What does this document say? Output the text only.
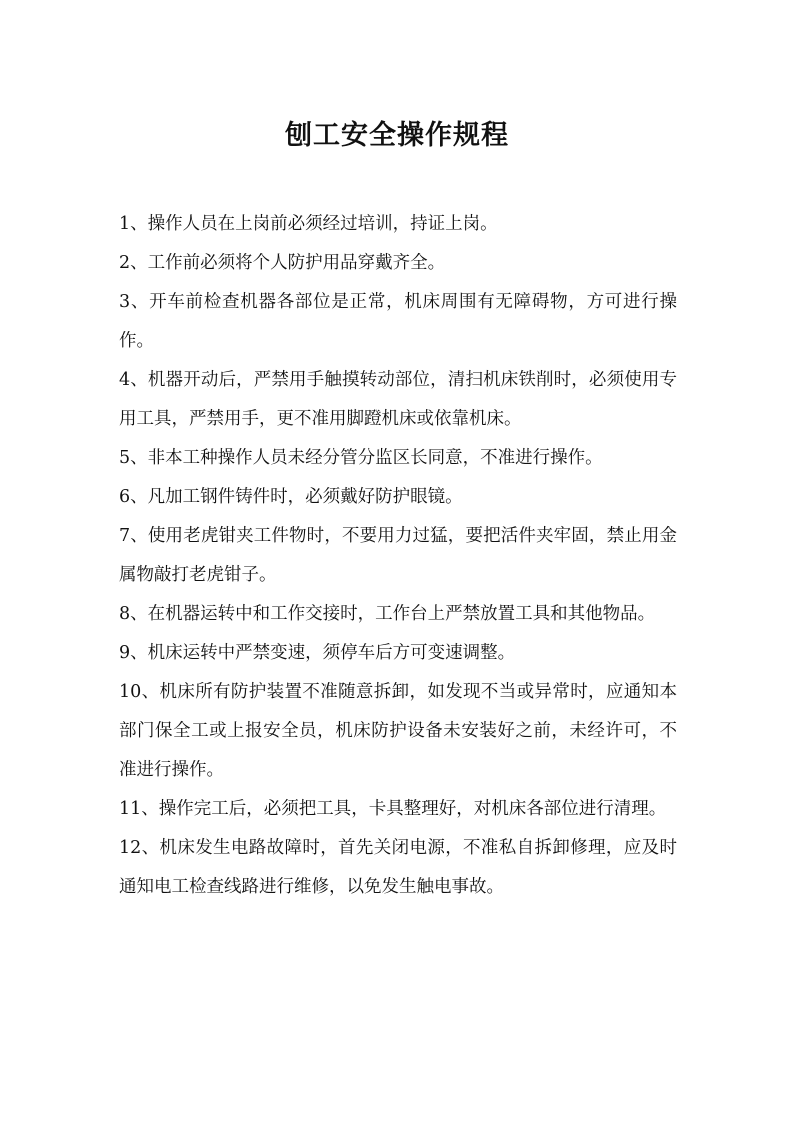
刨工安全操作规程

1、操作人员在上岗前必须经过培训，持证上岗。

2、工作前必须将个人防护用品穿戴齐全。

3、开车前检查机器各部位是正常，机床周围有无障碍物，方可进行操作。

4、机器开动后，严禁用手触摸转动部位，清扫机床铁削时，必须使用专用工具，严禁用手，更不准用脚蹬机床或依靠机床。

5、非本工种操作人员未经分管分监区长同意，不准进行操作。

6、凡加工钢件铸件时，必须戴好防护眼镜。

7、使用老虎钳夹工件物时，不要用力过猛，要把活件夹牢固，禁止用金属物敲打老虎钳子。

8、在机器运转中和工作交接时，工作台上严禁放置工具和其他物品。

9、机床运转中严禁变速，须停车后方可变速调整。

10、机床所有防护装置不准随意拆卸，如发现不当或异常时，应通知本部门保全工或上报安全员，机床防护设备未安装好之前，未经许可，不准进行操作。

11、操作完工后，必须把工具，卡具整理好，对机床各部位进行清理。

12、机床发生电路故障时，首先关闭电源，不准私自拆卸修理，应及时通知电工检查线路进行维修，以免发生触电事故。
